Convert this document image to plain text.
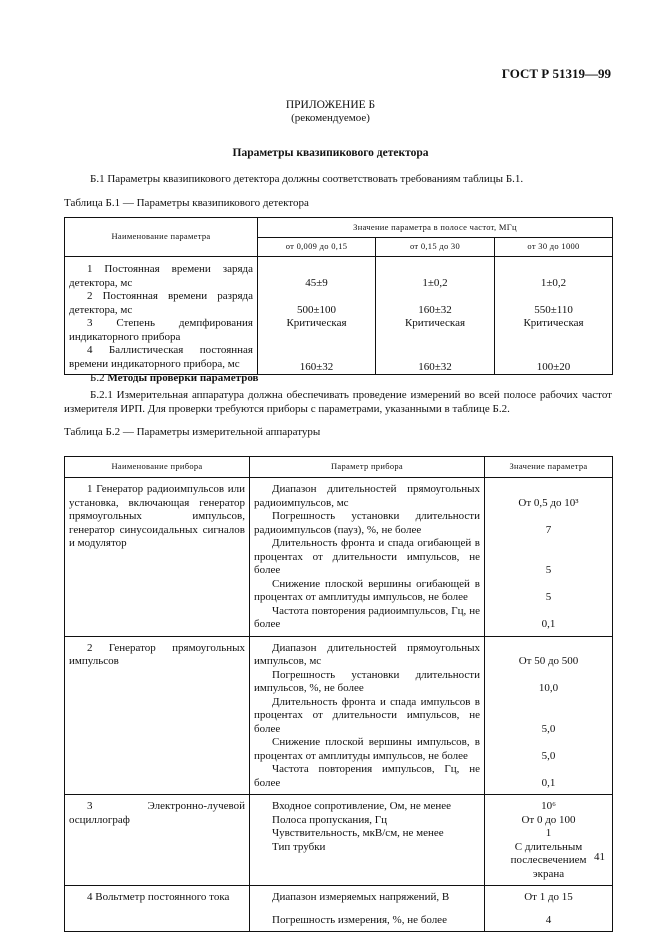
ГОСТ Р 51319—99
ПРИЛОЖЕНИЕ Б
(рекомендуемое)
Параметры квазипикового детектора
Б.1 Параметры квазипикового детектора должны соответствовать требованиям таблицы Б.1.
Таблица Б.1 — Параметры квазипикового детектора
Наименование параметра	Значение параметра в полосе частот, МГц		
	от 0,009 до 0,15	от 0,15 до 30	от 30 до 1000
1 Постоянная времени заряда детектора, мс	45±9	1±0,2	1±0,2
2 Постоянная времени разряда детектора, мс	500±100	160±32	550±110
3 Степень демпфирования индикаторного прибора	Критическая	Критическая	Критическая
4 Баллистическая постоянная времени индикаторного прибора, мс	160±32	160±32	100±20
Б.2 Методы проверки параметров
Б.2.1 Измерительная аппаратура должна обеспечивать проведение измерений во всей полосе рабочих частот измерителя ИРП. Для проверки требуются приборы с параметрами, указанными в таблице Б.2.
Таблица Б.2 — Параметры измерительной аппаратуры
Наименование прибора	Параметр прибора	Значение параметра
1 Генератор радиоимпульсов или установка, включающая генератор прямоугольных импульсов, генератор синусоидальных сигналов и модулятор	Диапазон длительностей прямоугольных радиоимпульсов, мс	От 0,5 до 10³
	Погрешность установки длительности радиоимпульсов (пауз), %, не более	7
	Длительность фронта и спада огибающей в процентах от длительности импульсов, не более	5
	Снижение плоской вершины огибающей в процентах от амплитуды импульсов, не более	5
	Частота повторения радиоимпульсов, Гц, не более	0,1
2 Генератор прямоугольных импульсов	Диапазон длительностей прямоугольных импульсов, мс	От 50 до 500
	Погрешность установки длительности импульсов, %, не более	10,0
	Длительность фронта и спада импульсов в процентах от длительности импульсов, не более	5,0
	Снижение плоской вершины импульсов, в процентах от амплитуды импульсов, не более	5,0
	Частота повторения импульсов, Гц, не более	0,1
3 Электронно-лучевой осциллограф	Входное сопротивление, Ом, не менее	10⁶
	Полоса пропускания, Гц	От 0 до 100
	Чувствительность, мкВ/см, не менее	1
	Тип трубки	С длительным послесвечением экрана
4 Вольтметр постоянного тока	Диапазон измеряемых напряжений, В	От 1 до 15
	Погрешность измерения, %, не более	4
41
